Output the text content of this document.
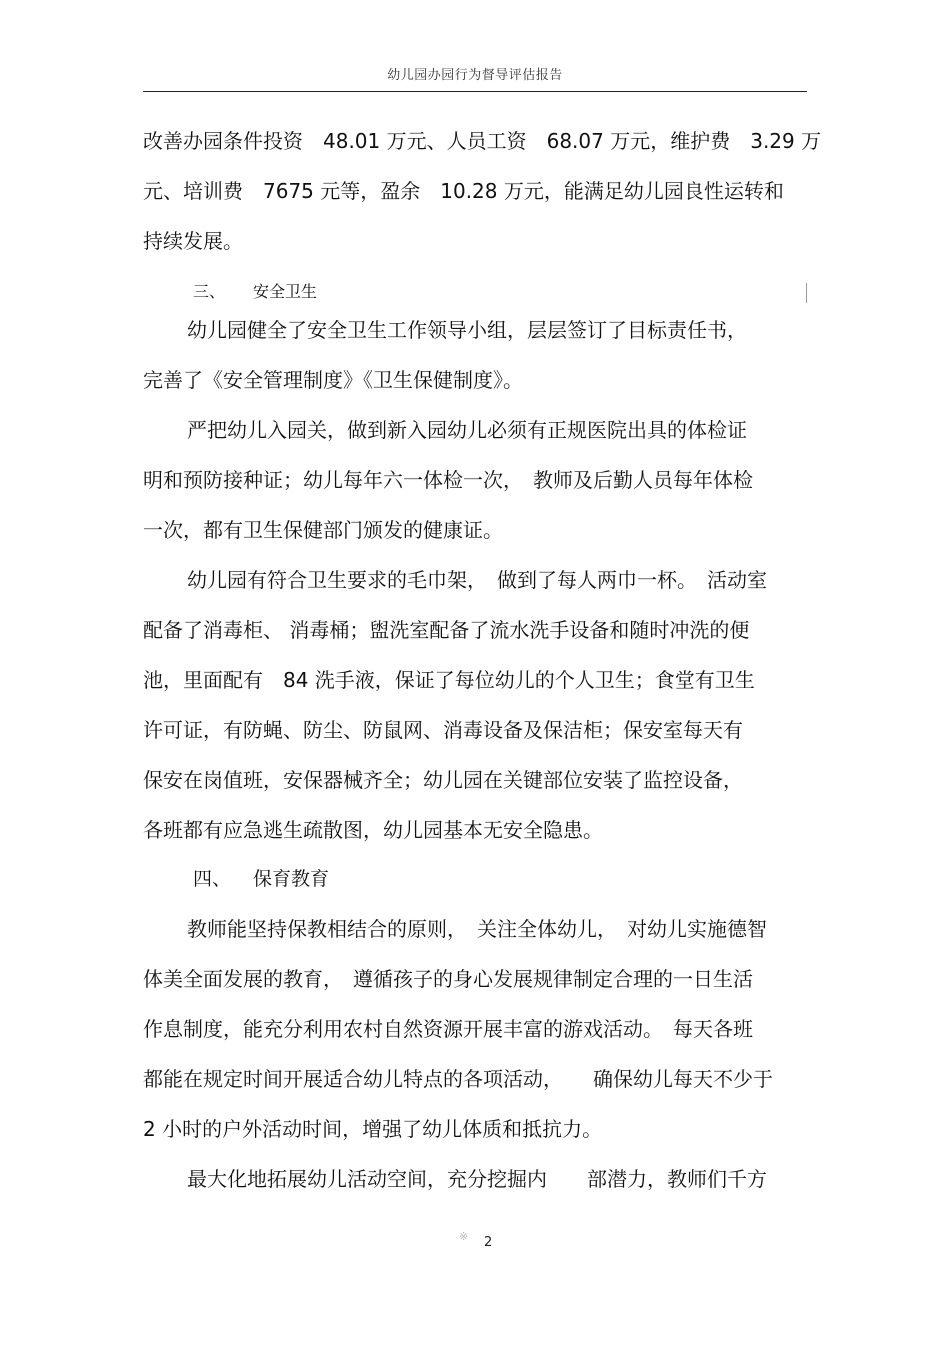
幼儿园办园行为督导评估报告
改善办园条件投资　48.01 万元、人员工资　68.07 万元，维护费　3.29 万
元、培训费　7675 元等，盈余　10.28 万元，能满足幼儿园良性运转和
持续发展。
三、 安全卫生
幼儿园健全了安全卫生工作领导小组，层层签订了目标责任书，
完善了《安全管理制度》《卫生保健制度》。
严把幼儿入园关，做到新入园幼儿必须有正规医院出具的体检证
明和预防接种证；幼儿每年六一体检一次，　教师及后勤人员每年体检
一次，都有卫生保健部门颁发的健康证。
幼儿园有符合卫生要求的毛巾架，　做到了每人两巾一杯。　活动室
配备了消毒柜、 消毒桶；盥洗室配备了流水洗手设备和随时冲洗的便
池，里面配有　84 洗手液，保证了每位幼儿的个人卫生；食堂有卫生
许可证，有防蝇、防尘、防鼠网、消毒设备及保洁柜；保安室每天有
保安在岗值班，安保器械齐全；幼儿园在关键部位安装了监控设备，
各班都有应急逃生疏散图，幼儿园基本无安全隐患。
四、 保育教育
教师能坚持保教相结合的原则，　关注全体幼儿，　对幼儿实施德智
体美全面发展的教育，　遵循孩子的身心发展规律制定合理的一日生活
作息制度，能充分利用农村自然资源开展丰富的游戏活动。　每天各班
都能在规定时间开展适合幼儿特点的各项活动，　　确保幼儿每天不少于
2 小时的户外活动时间，增强了幼儿体质和抵抗力。
最大化地拓展幼儿活动空间，充分挖掘内　　部潜力，教师们千方
※ 2
